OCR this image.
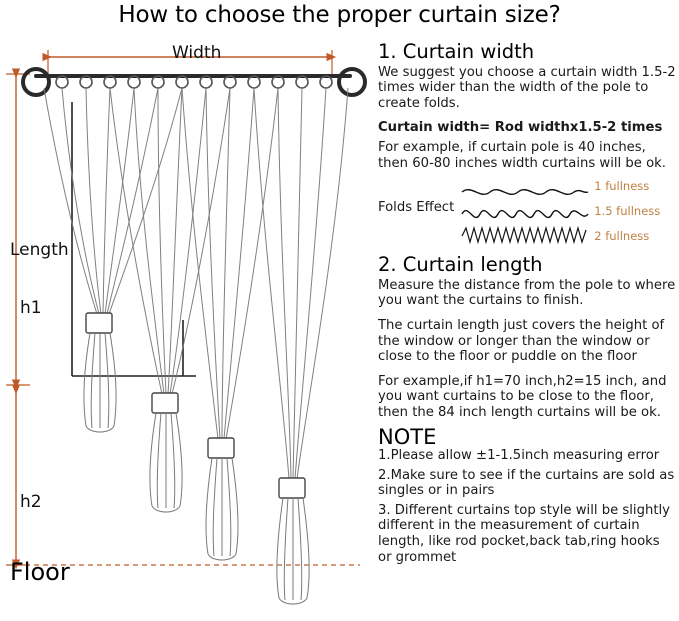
How to choose the proper curtain size?
Width
Length
h1
h2
Floor
1. Curtain width

We suggest you choose a curtain width 1.5-2 times wider than the width of the pole to create folds.

Curtain width= Rod widthx1.5-2 times

For example, if curtain pole is 40 inches, then 60-80 inches width curtains will be ok.

Folds Effect
1 fullness
1.5 fullness
2 fullness
2. Curtain length

Measure the distance from the pole to where you want the curtains to finish.

The curtain length just covers the height of the window or longer than the window or close to the floor or puddle on the floor

For example,if h1=70 inch,h2=15 inch, and you want curtains to be close to the floor, then the 84 inch length curtains will be ok.

NOTE

1.Please allow ±1-1.5inch measuring error

2.Make sure to see if the curtains are sold as singles or in pairs

3. Different curtains top style will be slightly different in the measurement of curtain length, like rod pocket,back tab,ring hooks or grommet
